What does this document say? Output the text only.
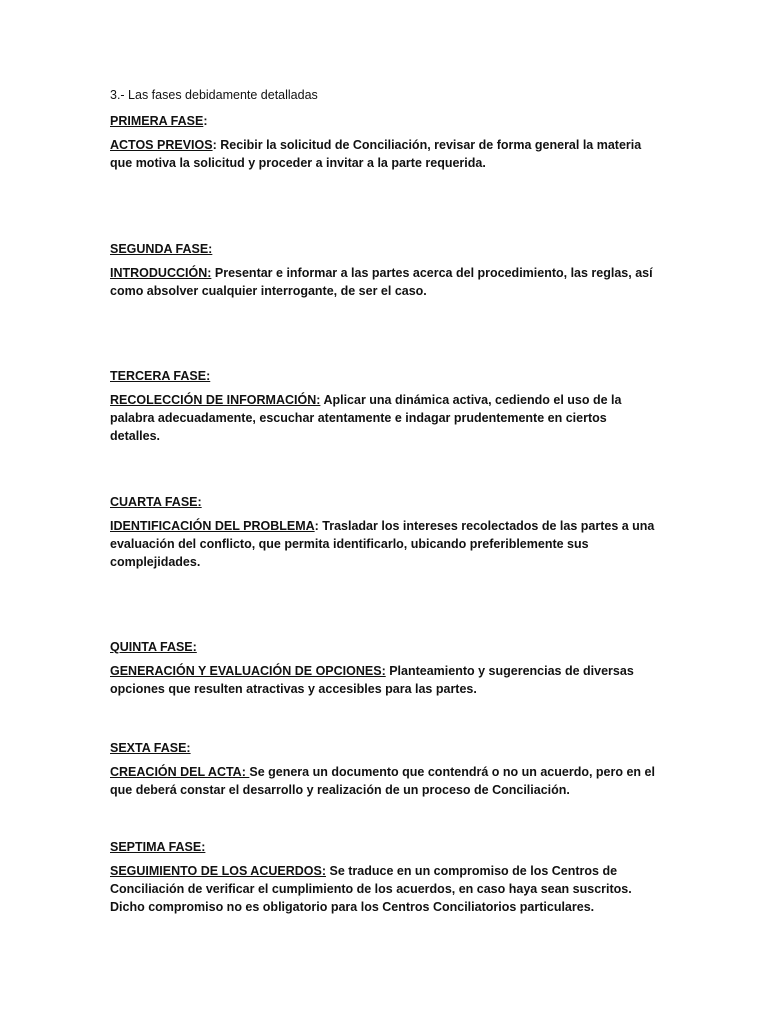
3.- Las fases debidamente detalladas

PRIMERA FASE:

ACTOS PREVIOS: Recibir la solicitud de Conciliación, revisar de forma general la materia que motiva la solicitud y proceder a invitar a la parte requerida.

SEGUNDA FASE:

INTRODUCCIÓN: Presentar e informar a las partes acerca del procedimiento, las reglas, así como absolver cualquier interrogante, de ser el caso.

TERCERA FASE:

RECOLECCIÓN DE INFORMACIÓN: Aplicar una dinámica activa, cediendo el uso de la palabra adecuadamente, escuchar atentamente e indagar prudentemente en ciertos detalles.

CUARTA FASE:

IDENTIFICACIÓN DEL PROBLEMA: Trasladar los intereses recolectados de las partes a una evaluación del conflicto, que permita identificarlo, ubicando preferiblemente sus complejidades.

QUINTA FASE:

GENERACIÓN Y EVALUACIÓN DE OPCIONES: Planteamiento y sugerencias de diversas opciones que resulten atractivas y accesibles para las partes.

SEXTA FASE:

CREACIÓN DEL ACTA: Se genera un documento que contendrá o no un acuerdo, pero en el que deberá constar el desarrollo y realización de un proceso de Conciliación.

SEPTIMA FASE:

SEGUIMIENTO DE LOS ACUERDOS: Se traduce en un compromiso de los Centros de Conciliación de verificar el cumplimiento de los acuerdos, en caso haya sean suscritos. Dicho compromiso no es obligatorio para los Centros Conciliatorios particulares.
